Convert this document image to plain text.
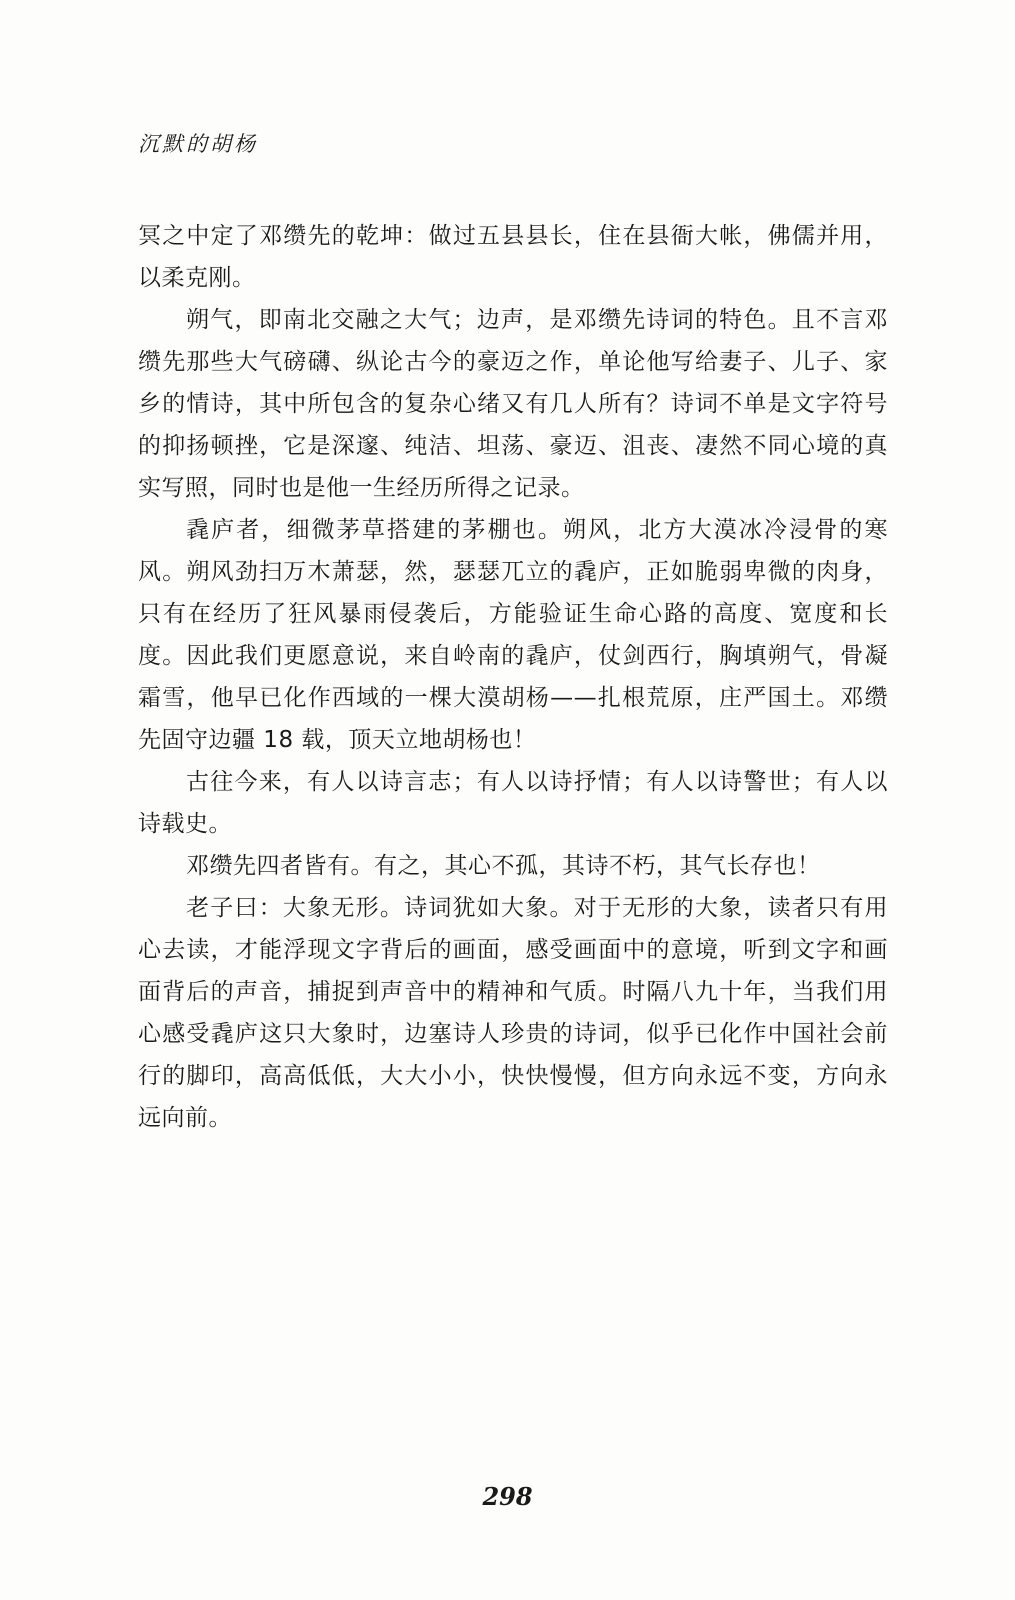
沉默的胡杨

冥之中定了邓缵先的乾坤：做过五县县长，住在县衙大帐，佛儒并用，以柔克刚。

朔气，即南北交融之大气；边声，是邓缵先诗词的特色。且不言邓缵先那些大气磅礴、纵论古今的豪迈之作，单论他写给妻子、儿子、家乡的情诗，其中所包含的复杂心绪又有几人所有？诗词不单是文字符号的抑扬顿挫，它是深邃、纯洁、坦荡、豪迈、沮丧、凄然不同心境的真实写照，同时也是他一生经历所得之记录。

毳庐者，细微茅草搭建的茅棚也。朔风，北方大漠冰冷浸骨的寒风。朔风劲扫万木萧瑟，然，瑟瑟兀立的毳庐，正如脆弱卑微的肉身，只有在经历了狂风暴雨侵袭后，方能验证生命心路的高度、宽度和长度。因此我们更愿意说，来自岭南的毳庐，仗剑西行，胸填朔气，骨凝霜雪，他早已化作西域的一棵大漠胡杨——扎根荒原，庄严国土。邓缵先固守边疆 18 载，顶天立地胡杨也！

古往今来，有人以诗言志；有人以诗抒情；有人以诗警世；有人以诗载史。

邓缵先四者皆有。有之，其心不孤，其诗不朽，其气长存也！

老子曰：大象无形。诗词犹如大象。对于无形的大象，读者只有用心去读，才能浮现文字背后的画面，感受画面中的意境，听到文字和画面背后的声音，捕捉到声音中的精神和气质。时隔八九十年，当我们用心感受毳庐这只大象时，边塞诗人珍贵的诗词，似乎已化作中国社会前行的脚印，高高低低，大大小小，快快慢慢，但方向永远不变，方向永远向前。

298
